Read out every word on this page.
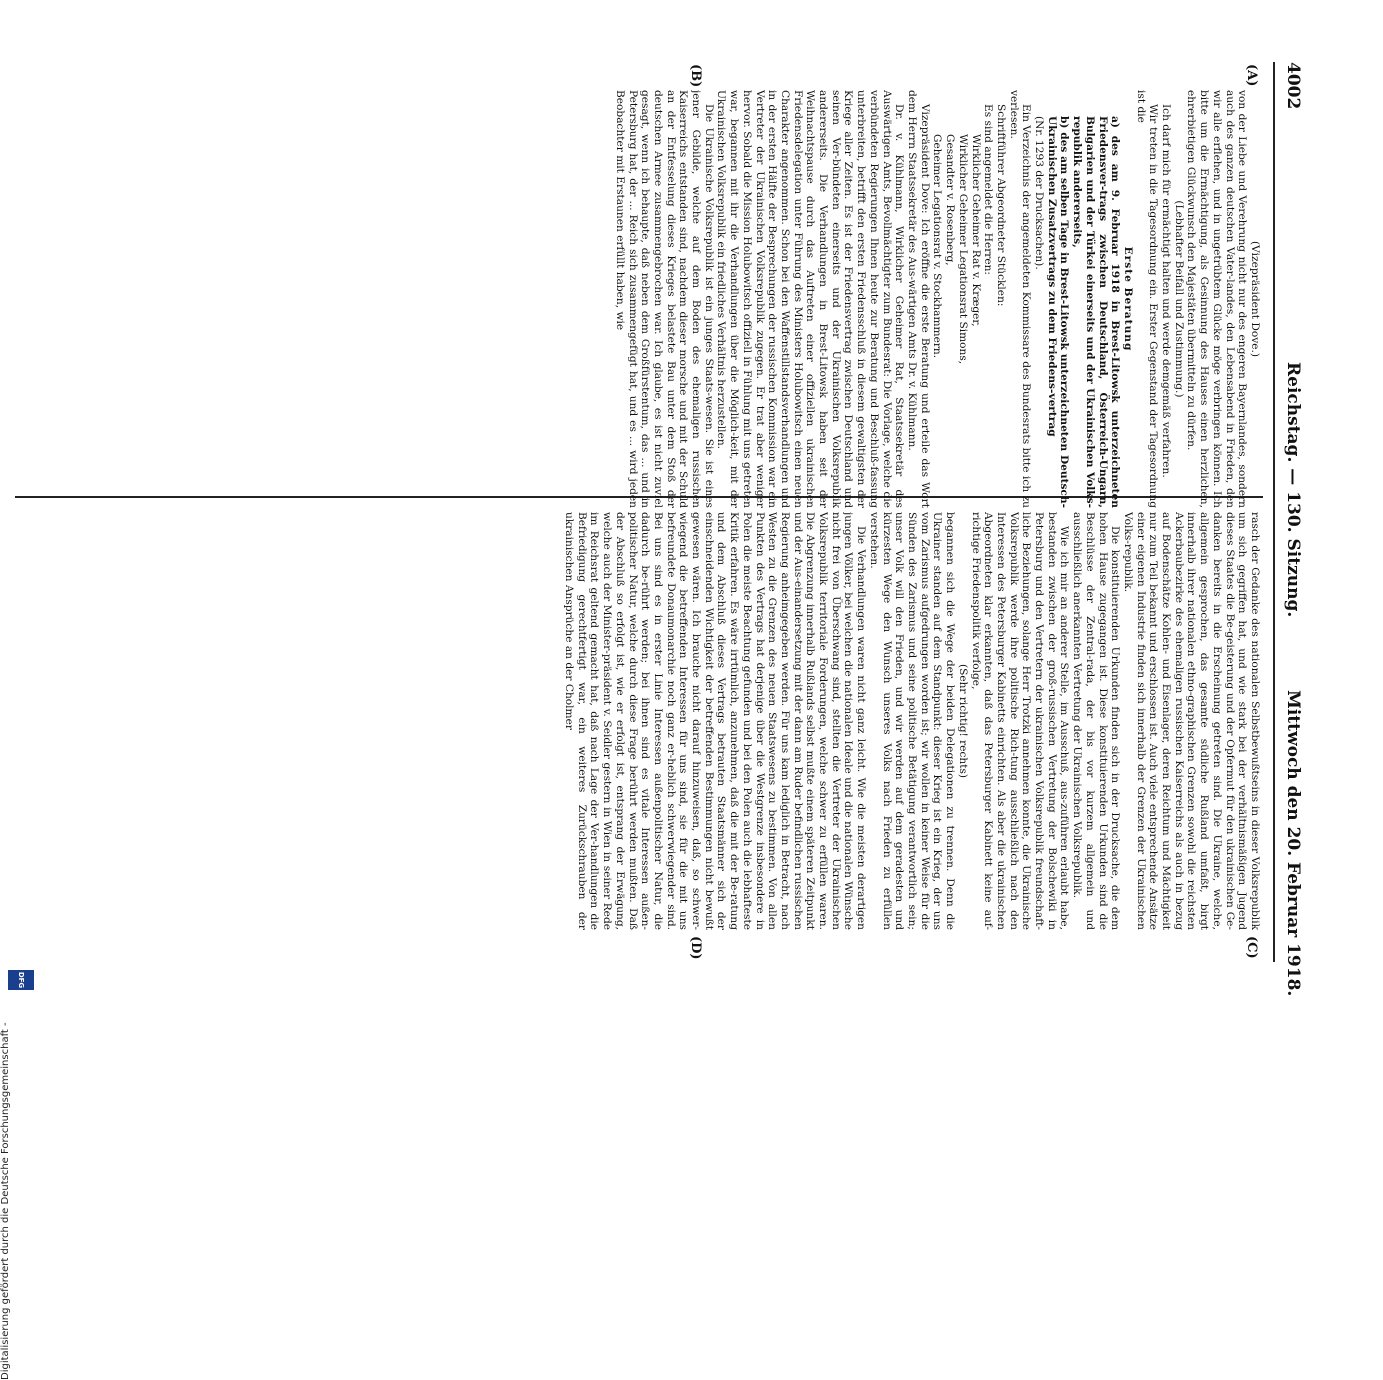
4002
Reichstag. — 130. Sitzung.
Mittwoch den 20. Februar 1918.
(A)
(B)
(C)
(D)

(Vizepräsident Dove.)

von der Liebe und Verehrung nicht nur des engeren Bayernlandes, sondern auch des ganzen deutschen Vater-landes, den Lebensabend in Frieden, den wir alle erflehen, und in ungetrübtem Glücke möge verbringen können. Ich bitte um die Ermächtigung, als Gesinnung des Hauses einen herzlichen, ehrerbietigen Glückwunsch den Majestäten übermitteln zu dürfen.

(Lebhafter Beifall und Zustimmung.)

Ich darf mich für ermächtigt halten und werde demgemäß verfahren.

Wir treten in die Tagesordnung ein. Erster Gegenstand der Tagesordnung ist die

Erste Beratung

a) des am 9. Februar 1918 in Brest-Litowsk unterzeichneten Friedensver-trags zwischen Deutschland, Österreich-Ungarn, Bulgarien und der Türkei einerseits und der Ukrainischen Volks-republik andererseits,

b) des am selben Tage in Brest-Litowsk unterzeichneten Deutsch-Ukrainischen Zusatzvertrags zu dem Friedens-vertrag

(Nr. 1293 der Drucksachen).

Ein Verzeichnis der angemeldeten Kommissare des Bundesrats bitte ich zu verlesen.

Schriftführer Abgeordneter Stücklen:

Es sind angemeldet die Herren:

Wirklicher Geheimer Rat v. Kræger,

Wirklicher Geheimer Legationsrat Simons,

Gesandter v. Rosenberg,

Geheimer Legationsrat v. Stockhammern.

Vizepräsident Dove: Ich eröffne die erste Beratung und erteile das Wort dem Herrn Staatssekretär des Aus-wärtigen Amts Dr. v. Kühlmann.

Dr. v. Kühlmann, Wirklicher Geheimer Rat, Staatssekretär des Auswärtigen Amts, Bevollmächtigter zum Bundesrat: Die Vorlage, welche die verbündeten Regierungen Ihnen heute zur Beratung und Beschluß-fassung unterbreiten, betrifft den ersten Friedensschluß in diesem gewaltigsten der Kriege aller Zeiten. Es ist der Friedensvertrag zwischen Deutschland und seinen Ver-bündeten einerseits und der Ukrainischen Volksrepublik andererseits. Die Verhandlungen in Brest-Litowsk haben seit der Weihnachtspause durch das Auftreten einer offiziellen ukrainischen Friedensdelegation unter Führung des Ministers Holubowitsch einen neuen Charakter angenommen. Schon bei den Waffenstillstandsverhandlungen und in der ersten Hälfte der Besprechungen der russischen Kommission war ein Vertreter der Ukrainischen Volksrepublik zugegen. Er trat aber weniger hervor. Sobald die Mission Holubowitsch offiziell in Fühlung mit uns getreten war, begannen mit ihr die Verhandlungen über die Möglich-keit, mit der Ukrainischen Volksrepublik ein friedliches Verhältnis herzustellen.

Die Ukrainische Volksrepublik ist ein junges Staats-wesen. Sie ist eines jener Gebilde, welche auf dem Boden des ehemaligen russischen Kaiserreichs entstanden sind, nachdem dieser morsche und mit der Schuld an der Entfesselung dieses Krieges belastete Bau unter dem Stoß der deutschen Armee zusammengebrochen war. Ich glaube, es ist nicht zuviel gesagt, wenn ich behaupte, daß neben dem Großfürstentum, das ... und in Petersburg hat, der ... Reich sich zusammengefügt hat, und es ... wird jeden Beobachter mit Erstaunen erfüllt haben, wie

rasch der Gedanke des nationalen Selbstbewußtseins in dieser Volksrepublik um sich gegriffen hat, und wie stark bei der verhältnismäßigen Jugend dieses Staates die Be-geisterung und der Opfermut für den ukrainischen Ge-danken bereits in die Erscheinung getreten sind. Die Ukraine, welche, allgemein gesprochen, das gesamte südliche Rußland umfaßt, birgt innerhalb ihrer nationalen ethno-graphischen Grenzen sowohl die reichsten Ackerbaubezirke des ehemaligen russischen Kaiserreichs als auch in bezug auf Bodenschätze Kohlen- und Eisenlager, deren Reichtum und Mächtigkeit nur zum Teil bekannt und erschlossen ist. Auch viele entsprechende Ansätze einer eigenen Industrie finden sich innerhalb der Grenzen der Ukrainischen Volks-republik.

Die konstituierenden Urkunden finden sich in der Drucksache, die dem hohen Hause zugegangen ist. Diese konstituierenden Urkunden sind die Beschlüsse der Zentral-rada, der bis vor kurzem allgemein und ausschließlich anerkannten Vertretung der Ukrainischen Volksrepublik.

Wie ich mir an anderer Stelle, im Ausschuß, aus-zuführen erlaubt habe, bestanden zwischen der groß-russischen Vertretung der Bolschewiki in Petersburg und den Vertretern der ukrainischen Volksrepublik freundschaft-liche Beziehungen, solange Herr Trotzki annehmen konnte, die Ukrainische Volksrepublik werde ihre politische Rich-tung ausschließlich nach den Interessen des Petersburger Kabinetts einrichten. Als aber die ukrainischen Abgeordneten klar erkannten, daß das Petersburger Kabinett keine auf-richtige Friedenspolitik verfolge,

(Sehr richtig! rechts)

begannen sich die Wege der beiden Delegationen zu trennen. Denn die Ukrainer standen auf dem Standpunkt: dieser Krieg ist ein Krieg, der uns vom Zarismus aufgedrungen worden ist; wir wollen in keiner Weise für die Sünden des Zarismus und seine politische Betätigung verantwortlich sein; unser Volk will den Frieden, und wir werden auf dem geradesten und kürzesten Wege den Wunsch unseres Volks nach Frieden zu erfüllen verstehen.

Die Verhandlungen waren nicht ganz leicht. Wie die meisten derartigen jungen Völker, bei welchen die nationalen Ideale und die nationalen Wünsche nicht frei von Überschwang sind, stellten die Vertreter der Ukrainischen Volksrepublik territoriale Forderungen, welche schwer zu erfüllen waren. Die Abgrenzung innerhalb Rußlands selbst mußte einem späteren Zeitpunkt und der Aus-einandersetzung mit der dann am Ruder befindlichen russischen Regierung anheimgegeben werden. Für uns kam lediglich in Betracht, nach Westen zu die Grenzen des neuen Staatswesens zu bestimmen. Von allen Punkten des Vertrags hat derjenige über die Westgrenze insbesondere in Polen die meiste Beachtung gefunden und bei den Polen auch die lebhafteste Kritik erfahren. Es wäre irrtümlich, anzunehmen, daß die mit der Be-ratung und dem Abschluß dieses Vertrags betrauten Staatsmänner sich der einschneidenden Wichtigkeit der betreffenden Bestimmungen nicht bewußt gewesen wären. Ich brauche nicht darauf hinzuweisen, daß, so schwer-wiegend die betreffenden Interessen für uns sind, sie für die mit uns befreundete Donaumonarchie noch ganz er-heblich schwerwiegender sind. Bei uns sind es in erster Linie Interessen außenpolitischer Natur, die dadurch be-rührt werden; bei ihnen sind es vitale Interessen außen-politischer Natur, welche durch diese Frage berührt werden mußten. Daß der Abschluß so erfolgt ist, wie er erfolgt ist, entsprang der Erwägung, welche auch der Minister-präsident v. Seidler gestern in Wien in seiner Rede im Reichsrat geltend gemacht hat, daß nach Lage der Ver-handlungen die Befriedigung gerechtfertigt war, ein weiteres Zurückschrauben der ukrainischen Ansprüche an der Cholmer

DFG
Digitalisierung gefördert durch die Deutsche Forschungsgemeinschaft -
